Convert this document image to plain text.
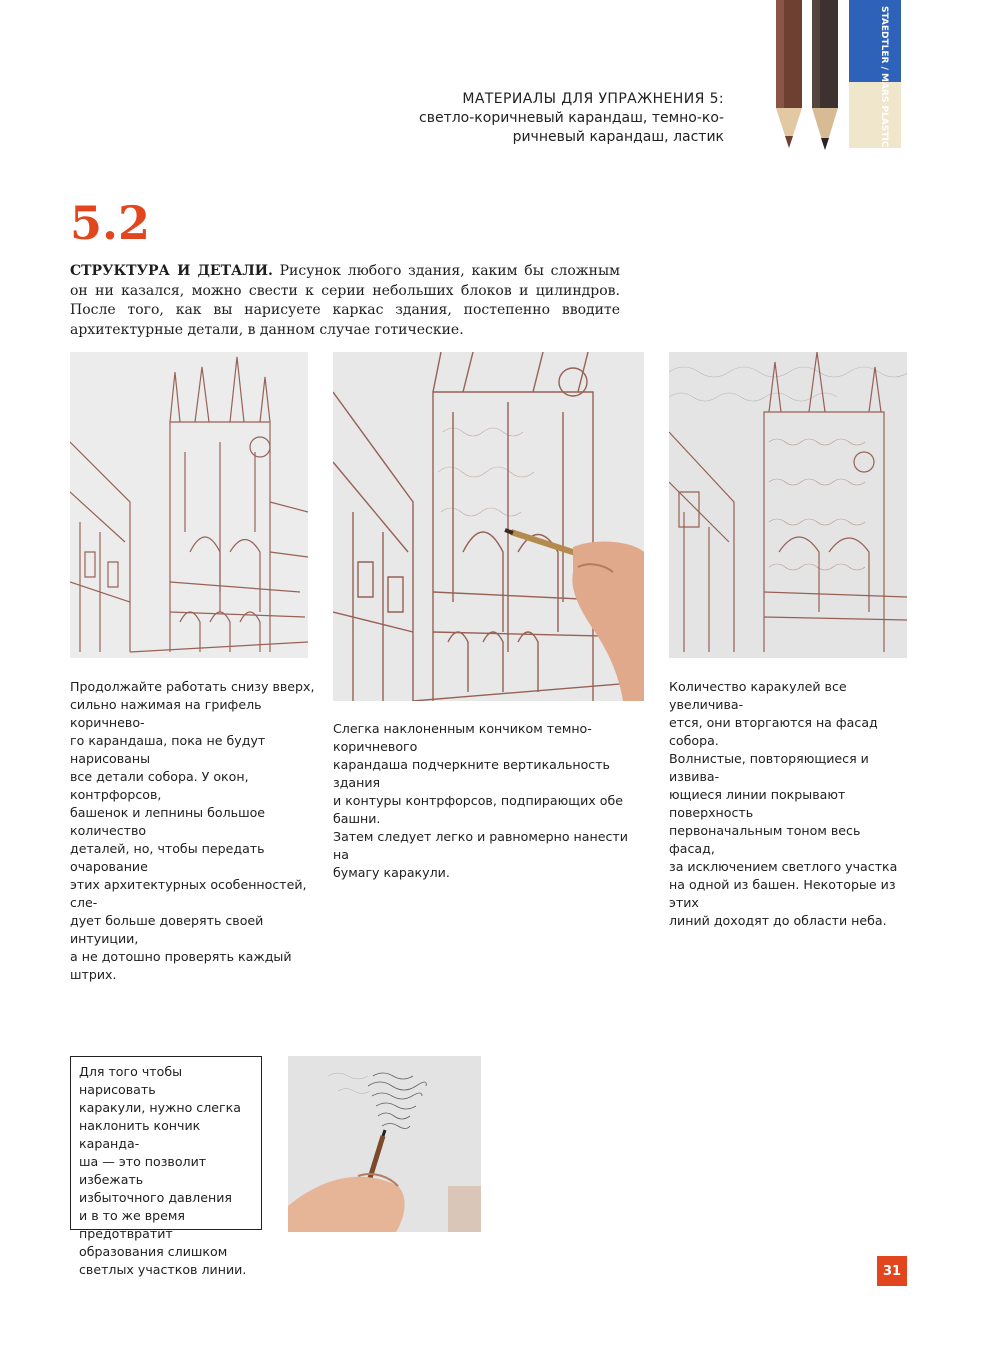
STAEDTLER / MARS PLASTIC
МАТЕРИАЛЫ ДЛЯ УПРАЖНЕНИЯ 5:
светло-коричневый карандаш, темно-ко-
ричневый карандаш, ластик
5.2
СТРУКТУРА И ДЕТАЛИ. Рисунок любого здания, каким бы сложным он ни казался, можно свести к серии небольших блоков и цилиндров. После того, как вы нарисуете каркас здания, постепенно вводите архитектурные детали, в данном случае готические.
Продолжайте работать снизу вверх,
сильно нажимая на грифель коричнево-
го карандаша, пока не будут нарисованы
все детали собора. У окон, контрфорсов,
башенок и лепнины большое количество
деталей, но, чтобы передать очарование
этих архитектурных особенностей, сле-
дует больше доверять своей интуиции,
а не дотошно проверять каждый штрих.
Слегка наклоненным кончиком темно-коричневого
карандаша подчеркните вертикальность здания
и контуры контрфорсов, подпирающих обе башни.
Затем следует легко и равномерно нанести на
бумагу каракули.
Количество каракулей все увеличива-
ется, они вторгаются на фасад собора.
Волнистые, повторяющиеся и извива-
ющиеся линии покрывают поверхность
первоначальным тоном весь фасад,
за исключением светлого участка
на одной из башен. Некоторые из этих
линий доходят до области неба.
Для того чтобы нарисовать
каракули, нужно слегка
наклонить кончик каранда-
ша — это позволит избежать
избыточного давления
и в то же время предотвратит
образования слишком
светлых участков линии.	31
